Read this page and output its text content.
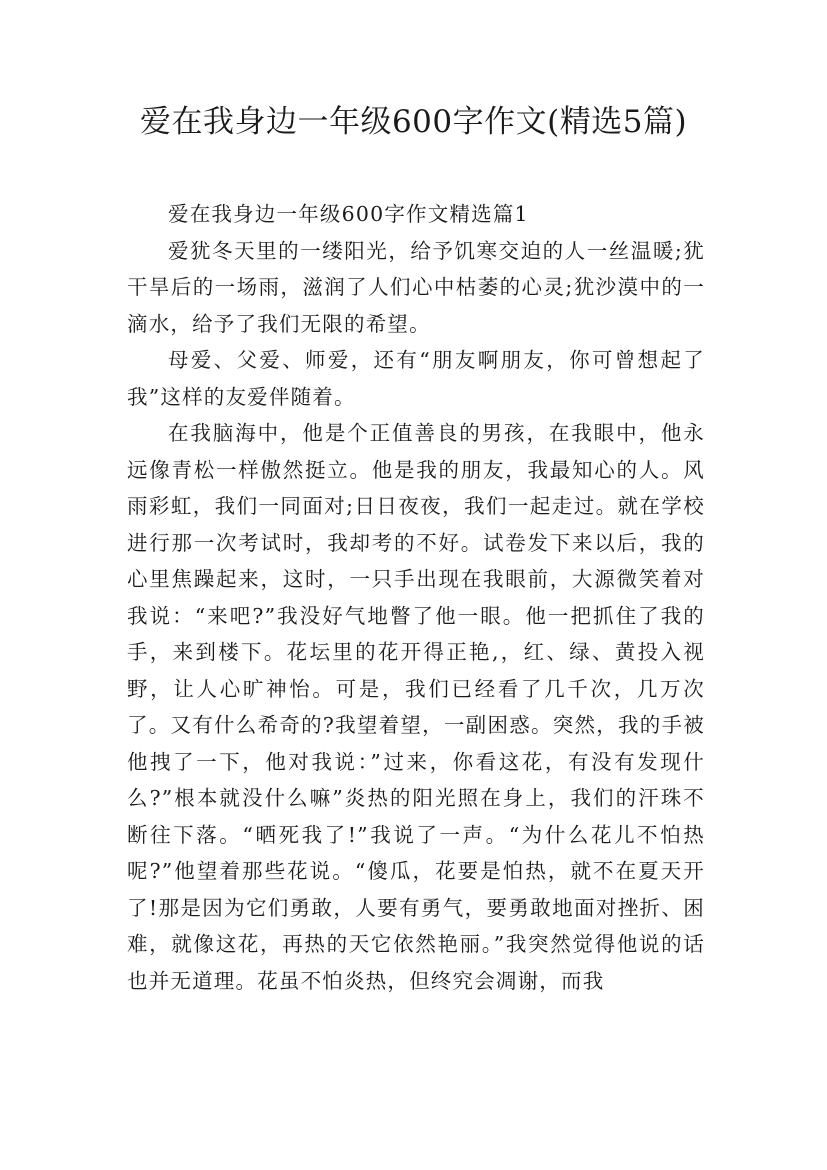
爱在我身边一年级600字作文(精选5篇)

爱在我身边一年级600字作文精选篇1

爱犹冬天里的一缕阳光，给予饥寒交迫的人一丝温暖;犹干旱后的一场雨，滋润了人们心中枯萎的心灵;犹沙漠中的一滴水，给予了我们无限的希望。

母爱、父爱、师爱，还有“朋友啊朋友，你可曾想起了我”这样的友爱伴随着。

在我脑海中，他是个正值善良的男孩，在我眼中，他永远像青松一样傲然挺立。他是我的朋友，我最知心的人。风雨彩虹，我们一同面对;日日夜夜，我们一起走过。就在学校进行那一次考试时，我却考的不好。试卷发下来以后，我的心里焦躁起来，这时，一只手出现在我眼前，大源微笑着对我说：“来吧?”我没好气地瞥了他一眼。他一把抓住了我的手，来到楼下。花坛里的花开得正艳,，红、绿、黄投入视野，让人心旷神怡。可是，我们已经看了几千次，几万次了。又有什么希奇的?我望着望，一副困惑。突然，我的手被他拽了一下，他对我说：”过来，你看这花，有没有发现什么?”根本就没什么嘛”炎热的阳光照在身上，我们的汗珠不断往下落。“晒死我了!”我说了一声。“为什么花儿不怕热呢?”他望着那些花说。“傻瓜，花要是怕热，就不在夏天开了!那是因为它们勇敢，人要有勇气，要勇敢地面对挫折、困难，就像这花，再热的天它依然艳丽。”我突然觉得他说的话也并无道理。花虽不怕炎热，但终究会凋谢，而我
